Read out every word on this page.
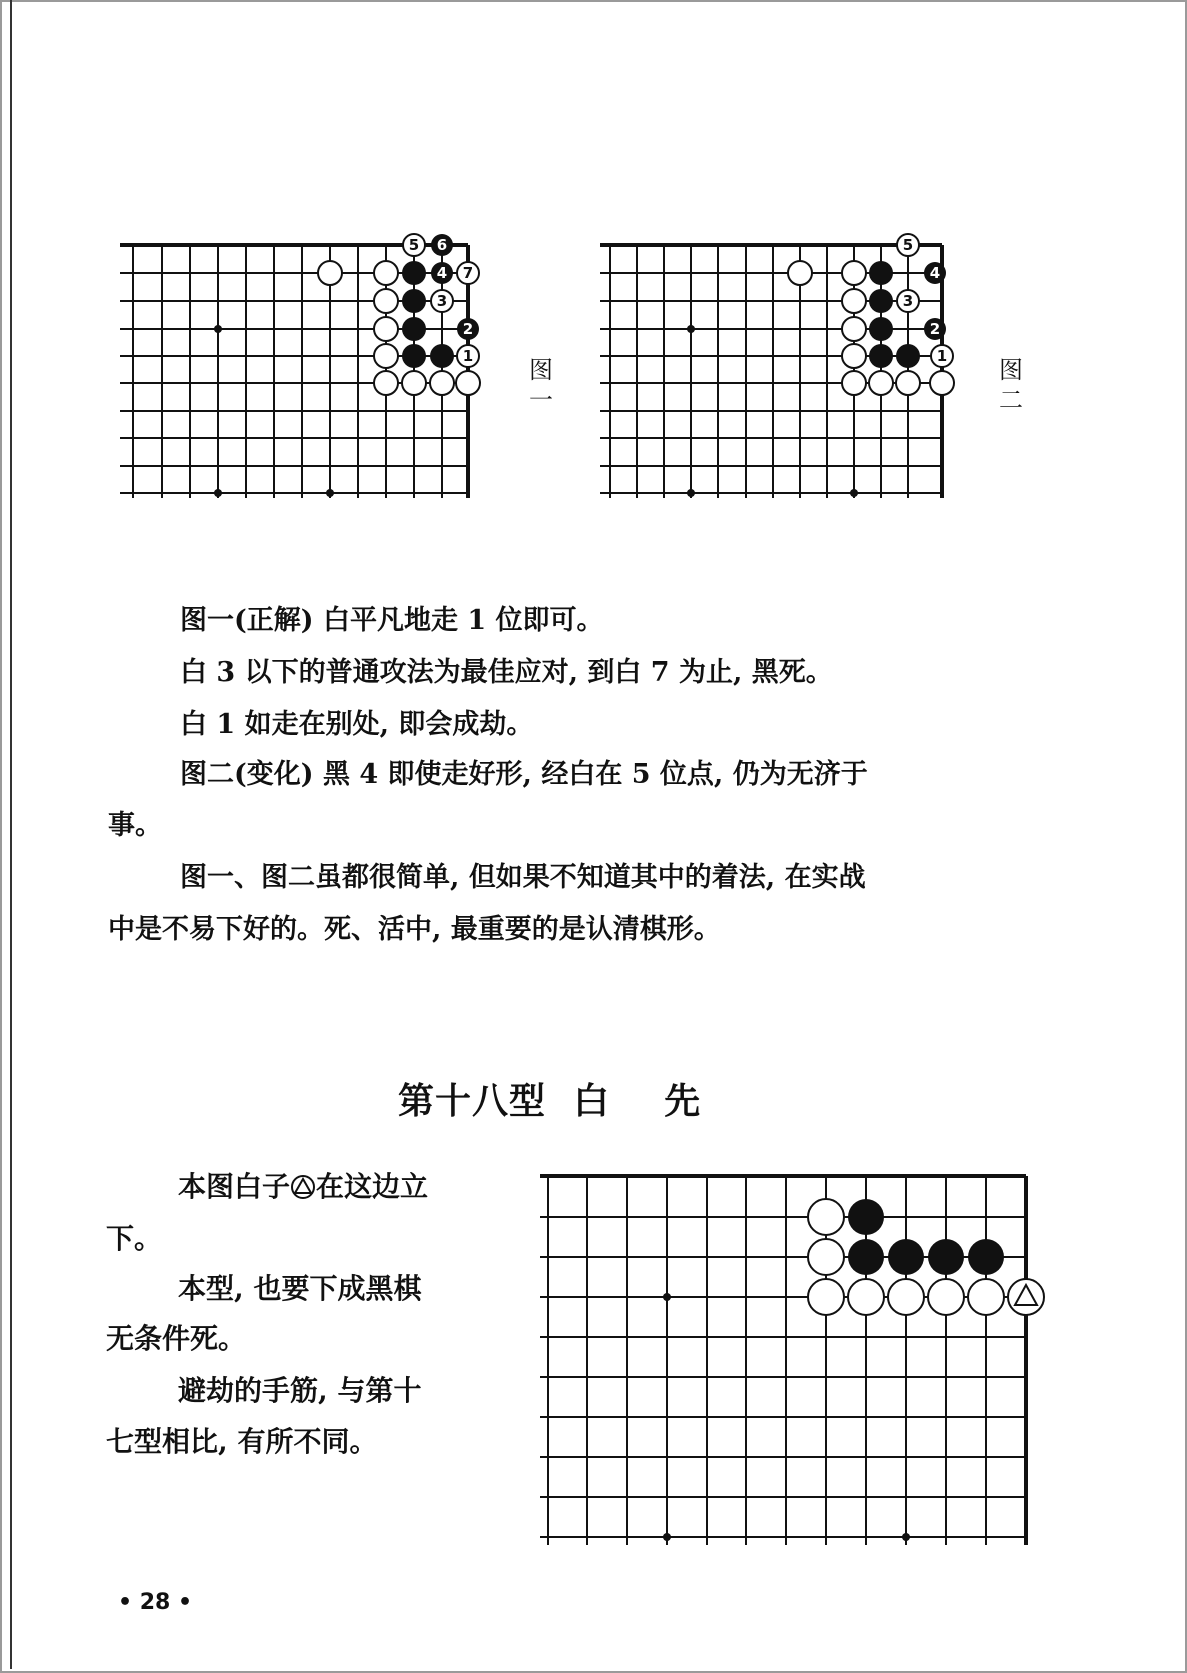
1
2
3
4
5 6
7
图一
1
2
3
4
5
图二
图一(正解) 白平凡地走 1 位即可。
白 3 以下的普通攻法为最佳应对, 到白 7 为止, 黑死。
白 1 如走在别处, 即会成劫。
图二(变化) 黑 4 即使走好形, 经白在 5 位点, 仍为无济于
事。
图一、图二虽都很简单, 但如果不知道其中的着法, 在实战
中是不易下好的。死、活中, 最重要的是认清棋形。
第十八型  白    先
本图白子 在这边立
下。
本型, 也要下成黑棋
无条件死。
避劫的手筋, 与第十
七型相比, 有所不同。
• 28 •
